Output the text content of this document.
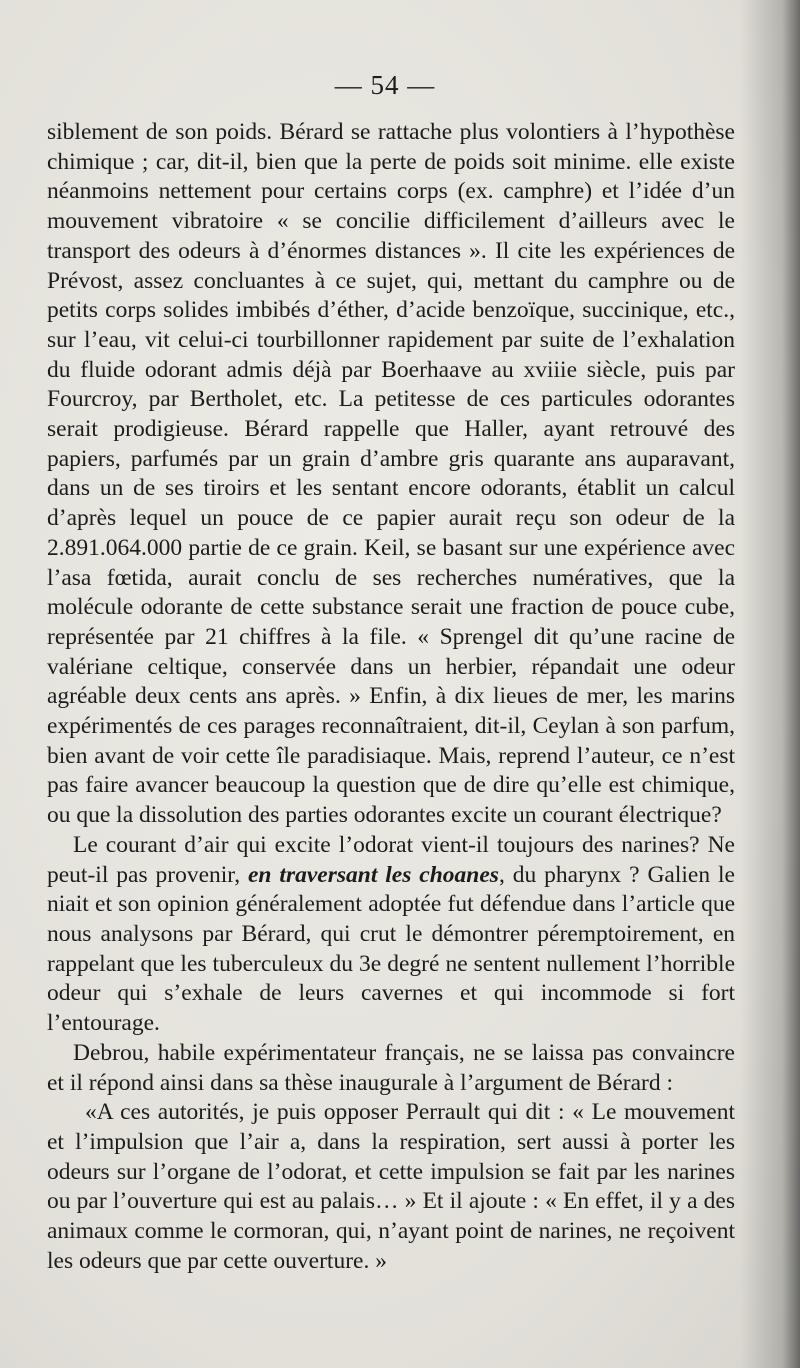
— 54 —

siblement de son poids. Bérard se rattache plus volontiers à l’hypothèse chimique ; car, dit-il, bien que la perte de poids soit minime. elle existe néanmoins nettement pour certains corps (ex. camphre) et l’idée d’un mouvement vibratoire « se concilie difficilement d’ailleurs avec le transport des odeurs à d’énormes distances ». Il cite les expériences de Prévost, assez concluantes à ce sujet, qui, mettant du camphre ou de petits corps solides imbibés d’éther, d’acide benzoïque, succinique, etc., sur l’eau, vit celui-ci tourbillonner rapidement par suite de l’exhalation du fluide odorant admis déjà par Boerhaave au xviiie siècle, puis par Fourcroy, par Bertholet, etc. La petitesse de ces particules odorantes serait prodigieuse. Bérard rappelle que Haller, ayant retrouvé des papiers, parfumés par un grain d’ambre gris quarante ans auparavant, dans un de ses tiroirs et les sentant encore odorants, établit un calcul d’après lequel un pouce de ce papier aurait reçu son odeur de la 2.891.064.000 partie de ce grain. Keil, se basant sur une expérience avec l’asa fœtida, aurait conclu de ses recherches numératives, que la molécule odorante de cette substance serait une fraction de pouce cube, représentée par 21 chiffres à la file. « Sprengel dit qu’une racine de valériane celtique, conservée dans un herbier, répandait une odeur agréable deux cents ans après. » Enfin, à dix lieues de mer, les marins expérimentés de ces parages reconnaîtraient, dit-il, Ceylan à son parfum, bien avant de voir cette île paradisiaque. Mais, reprend l’auteur, ce n’est pas faire avancer beaucoup la question que de dire qu’elle est chimique, ou que la dissolution des parties odorantes excite un courant électrique?

Le courant d’air qui excite l’odorat vient-il toujours des narines? Ne peut-il pas provenir, en traversant les choanes, du pharynx ? Galien le niait et son opinion généralement adoptée fut défendue dans l’article que nous analysons par Bérard, qui crut le démontrer péremptoirement, en rappelant que les tuberculeux du 3e degré ne sentent nullement l’horrible odeur qui s’exhale de leurs cavernes et qui incommode si fort l’entourage.

Debrou, habile expérimentateur français, ne se laissa pas convaincre et il répond ainsi dans sa thèse inaugurale à l’argument de Bérard :

«A ces autorités, je puis opposer Perrault qui dit : « Le mouvement et l’impulsion que l’air a, dans la respiration, sert aussi à porter les odeurs sur l’organe de l’odorat, et cette impulsion se fait par les narines ou par l’ouverture qui est au palais… » Et il ajoute : « En effet, il y a des animaux comme le cormoran, qui, n’ayant point de narines, ne reçoivent les odeurs que par cette ouverture. »
